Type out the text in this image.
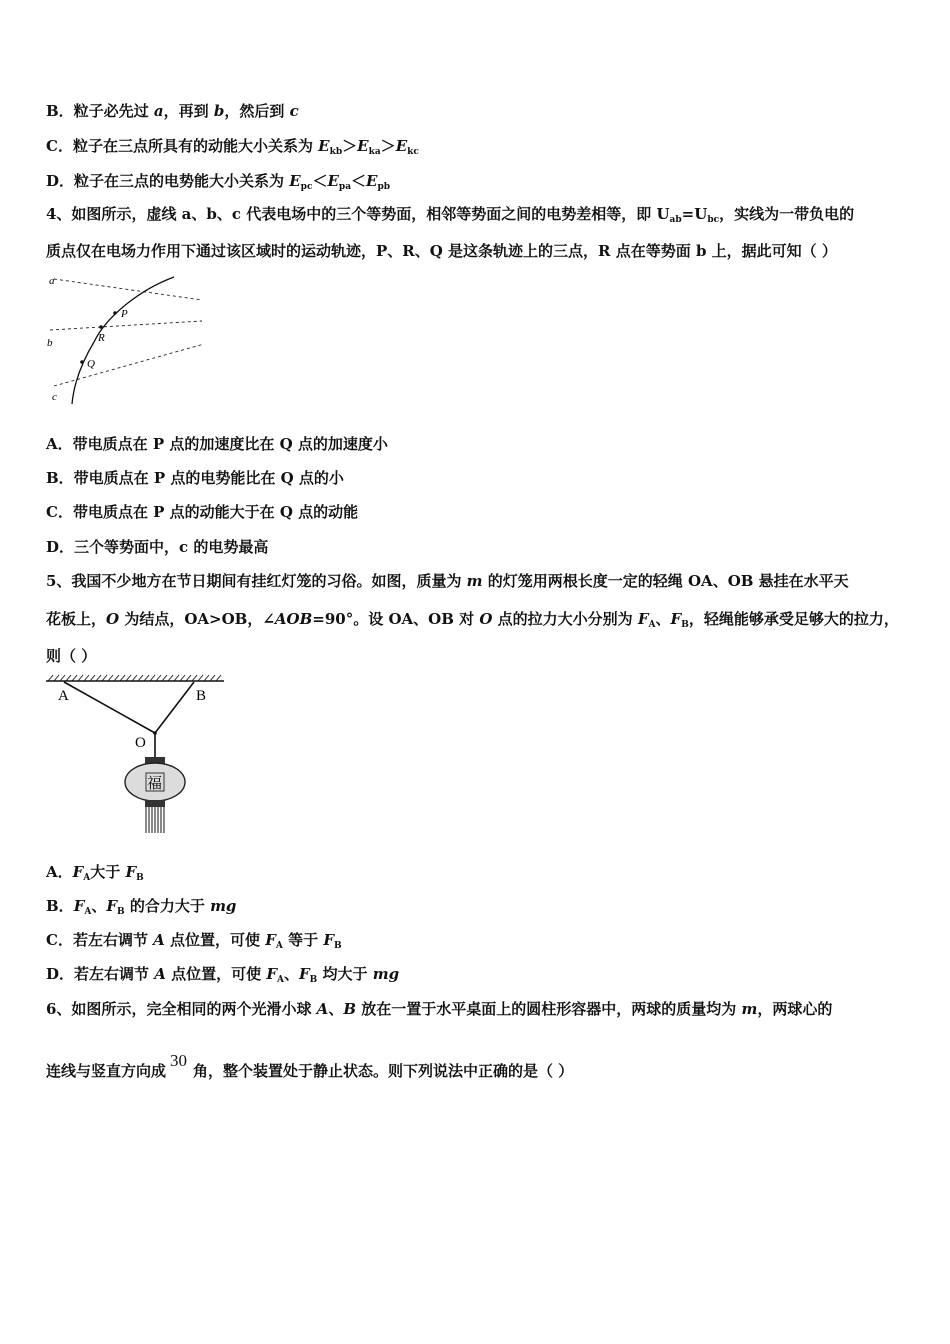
B．粒子必先过 a，再到 b，然后到 c
C．粒子在三点所具有的动能大小关系为 $E_{kb}>E_{ka}>E_{kc}$
D．粒子在三点的电势能大小关系为 $E_{pc}<E_{pa}<E_{pb}$
4、如图所示，虚线 a、b、c 代表电场中的三个等势面，相邻等势面之间的电势差相等，即 $U_{ab}=U_{bc}$，实线为一带负电的
质点仅在电场力作用下通过该区域时的运动轨迹，P、R、Q 是这条轨迹上的三点，R 点在等势面 b 上，据此可知（ ）
a
b
c
P
R
Q
A．带电质点在 P 点的加速度比在 Q 点的加速度小
B．带电质点在 P 点的电势能比在 Q 点的小
C．带电质点在 P 点的动能大于在 Q 点的动能
D．三个等势面中，c 的电势最高
5、我国不少地方在节日期间有挂红灯笼的习俗。如图，质量为 m 的灯笼用两根长度一定的轻绳 OA、OB 悬挂在水平天
花板上，O 为结点，OA>OB，∠AOB=90°。设 OA、OB 对 O 点的拉力大小分别为 $F_A$、$F_B$，轻绳能够承受足够大的拉力，
则（ ）
A	B
O
福
A．$F_A$大于 $F_B$
B．$F_A$、$F_B$ 的合力大于 mg
C．若左右调节 A 点位置，可使 $F_A$ 等于 $F_B$
D．若左右调节 A 点位置，可使 $F_A$、$F_B$ 均大于 mg
6、如图所示，完全相同的两个光滑小球 A、B 放在一置于水平桌面上的圆柱形容器中，两球的质量均为 m，两球心的
连线与竖直方向成30角，整个装置处于静止状态。则下列说法中正确的是（ ）
